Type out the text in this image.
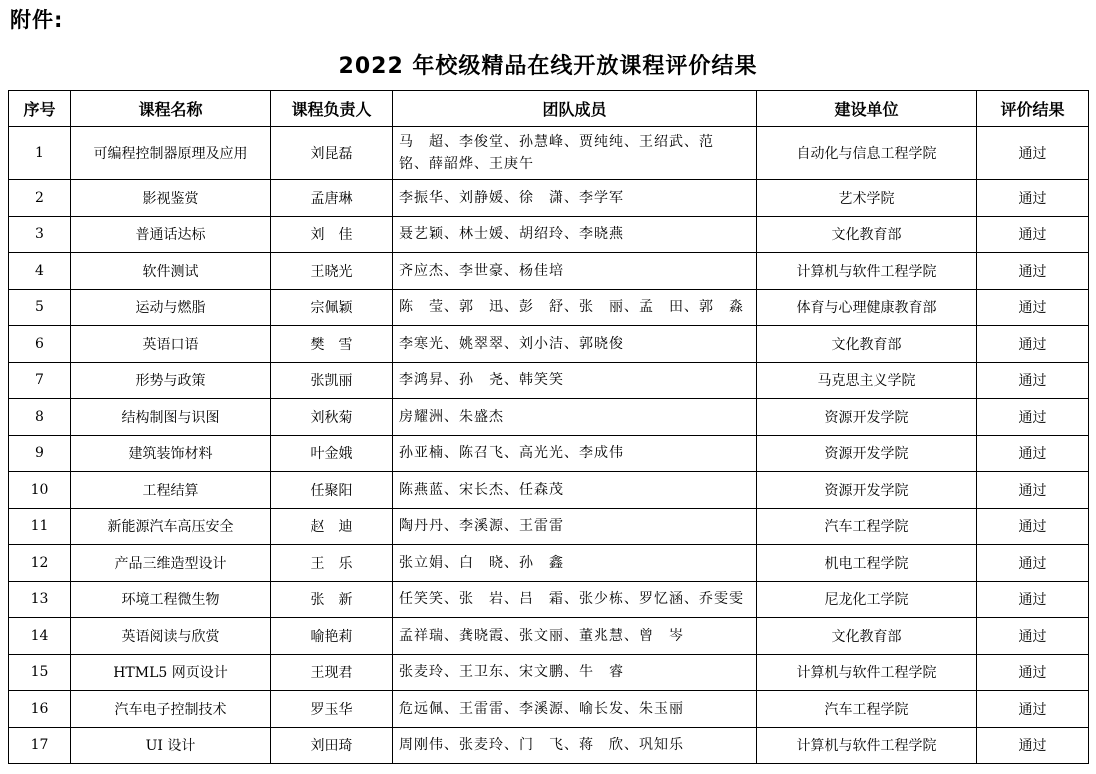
附件:
2022 年校级精品在线开放课程评价结果
序号	课程名称	课程负责人	团队成员	建设单位	评价结果
1	可编程控制器原理及应用	刘昆磊	马　超、李俊堂、孙慧峰、贾纯纯、王绍武、范　铭、薛韶烨、王庚午	自动化与信息工程学院	通过
2	影视鉴赏	孟唐琳	李振华、刘静媛、徐　潇、李学军	艺术学院	通过
3	普通话达标	刘　佳	聂艺颖、林士媛、胡绍玲、李晓燕	文化教育部	通过
4	软件测试	王晓光	齐应杰、李世豪、杨佳培	计算机与软件工程学院	通过
5	运动与燃脂	宗佩颖	陈　莹、郭　迅、彭　舒、张　丽、孟　田、郭　淼	体育与心理健康教育部	通过
6	英语口语	樊　雪	李寒光、姚翠翠、刘小洁、郭晓俊	文化教育部	通过
7	形势与政策	张凯丽	李鸿昇、孙　尧、韩笑笑	马克思主义学院	通过
8	结构制图与识图	刘秋菊	房耀洲、朱盛杰	资源开发学院	通过
9	建筑装饰材料	叶金娥	孙亚楠、陈召飞、高光光、李成伟	资源开发学院	通过
10	工程结算	任聚阳	陈燕蓝、宋长杰、任森茂	资源开发学院	通过
11	新能源汽车高压安全	赵　迪	陶丹丹、李溪源、王雷雷	汽车工程学院	通过
12	产品三维造型设计	王　乐	张立娟、白　晓、孙　鑫	机电工程学院	通过
13	环境工程微生物	张　新	任笑笑、张　岩、吕　霜、张少栋、罗忆涵、乔雯雯	尼龙化工学院	通过
14	英语阅读与欣赏	喻艳莉	孟祥瑞、龚晓霞、张文丽、董兆慧、曾　岑	文化教育部	通过
15	HTML5 网页设计	王现君	张麦玲、王卫东、宋文鹏、牛　睿	计算机与软件工程学院	通过
16	汽车电子控制技术	罗玉华	危远佩、王雷雷、李溪源、喻长发、朱玉丽	汽车工程学院	通过
17	UI 设计	刘田琦	周刚伟、张麦玲、门　飞、蒋　欣、巩知乐	计算机与软件工程学院	通过
